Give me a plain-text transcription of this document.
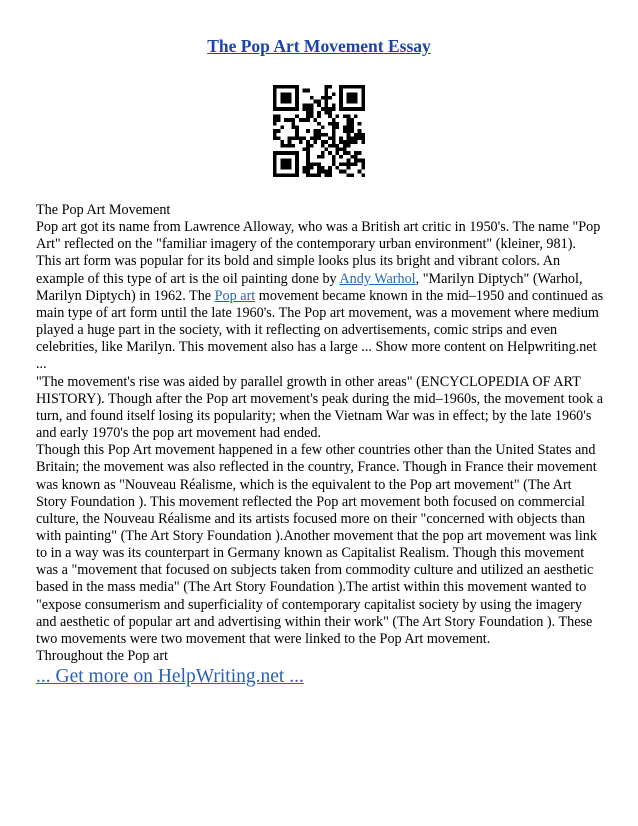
The Pop Art Movement Essay

The Pop Art Movement

Pop art got its name from Lawrence Alloway, who was a British art critic in 1950's. The name "Pop Art" reflected on the "familiar imagery of the contemporary urban environment" (kleiner, 981). This art form was popular for its bold and simple looks plus its bright and vibrant colors. An example of this type of art is the oil painting done by Andy Warhol, "Marilyn Diptych" (Warhol, Marilyn Diptych) in 1962. The Pop art movement became known in the mid–1950 and continued as main type of art form until the late 1960's. The Pop art movement, was a movement where medium played a huge part in the society, with it reflecting on advertisements, comic strips and even celebrities, like Marilyn. This movement also has a large ... Show more content on Helpwriting.net ...

"The movement's rise was aided by parallel growth in other areas" (ENCYCLOPEDIA OF ART HISTORY). Though after the Pop art movement's peak during the mid–1960s, the movement took a turn, and found itself losing its popularity; when the Vietnam War was in effect; by the late 1960's and early 1970's the pop art movement had ended.

Though this Pop Art movement happened in a few other countries other than the United States and Britain; the movement was also reflected in the country, France. Though in France their movement was known as "Nouveau Réalisme, which is the equivalent to the Pop art movement" (The Art Story Foundation ). This movement reflected the Pop art movement both focused on commercial culture, the Nouveau Réalisme and its artists focused more on their "concerned with objects than with painting" (The Art Story Foundation ).Another movement that the pop art movement was link to in a way was its counterpart in Germany known as Capitalist Realism. Though this movement was a "movement that focused on subjects taken from commodity culture and utilized an aesthetic based in the mass media" (The Art Story Foundation ).The artist within this movement wanted to "expose consumerism and superficiality of contemporary capitalist society by using the imagery and aesthetic of popular art and advertising within their work" (The Art Story Foundation ). These two movements were two movement that were linked to the Pop Art movement.

Throughout the Pop art

... Get more on HelpWriting.net ...
